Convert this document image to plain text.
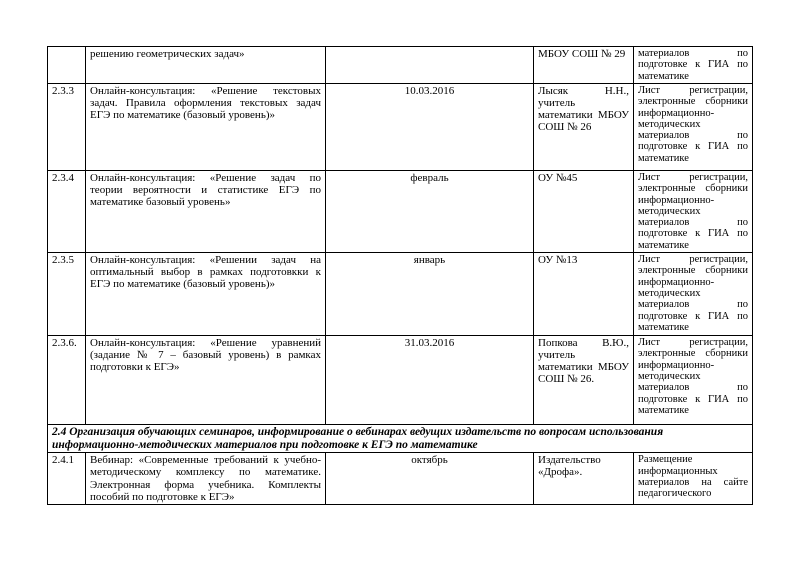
	решению геометрических задач»		МБОУ СОШ № 29	материалов по подготовке к ГИА по математике
2.3.3	Онлайн-консультация: «Решение текстовых задач. Правила оформления текстовых задач ЕГЭ по математике (базовый уровень)»	10.03.2016	Лысяк Н.Н., учитель математики МБОУ СОШ № 26	Лист регистрации, электронные сборники информационно-методических материалов по подготовке к ГИА по математике
2.3.4	Онлайн-консультация: «Решение задач по теории вероятности и статистике ЕГЭ по математике базовый уровень»	февраль	ОУ №45	Лист регистрации, электронные сборники информационно-методических материалов по подготовке к ГИА по математике
2.3.5	Онлайн-консультация: «Решении задач на оптимальный выбор в рамках подготовкки к ЕГЭ по математике (базовый уровень)»	январь	ОУ №13	Лист регистрации, электронные сборники информационно-методических материалов по подготовке к ГИА по математике
2.3.6.	Онлайн-консультация: «Решение уравнений (задание № 7 – базовый уровень) в рамках подготовки к ЕГЭ»	31.03.2016	Попкова В.Ю., учитель математики МБОУ СОШ № 26.	Лист регистрации, электронные сборники информационно-методических материалов по подготовке к ГИА по математике
2.4 Организация обучающих семинаров, информирование о вебинарах ведущих издательств по вопросам использования информационно-методических материалов при подготовке к ЕГЭ по математике				
2.4.1	Вебинар: «Современные требований к учебно-методическому комплексу по математике. Электронная форма учебника. Комплекты пособий по подготовке к ЕГЭ»	октябрь	Издательство «Дрофа».	Размещение информационных материалов на сайте педагогического
